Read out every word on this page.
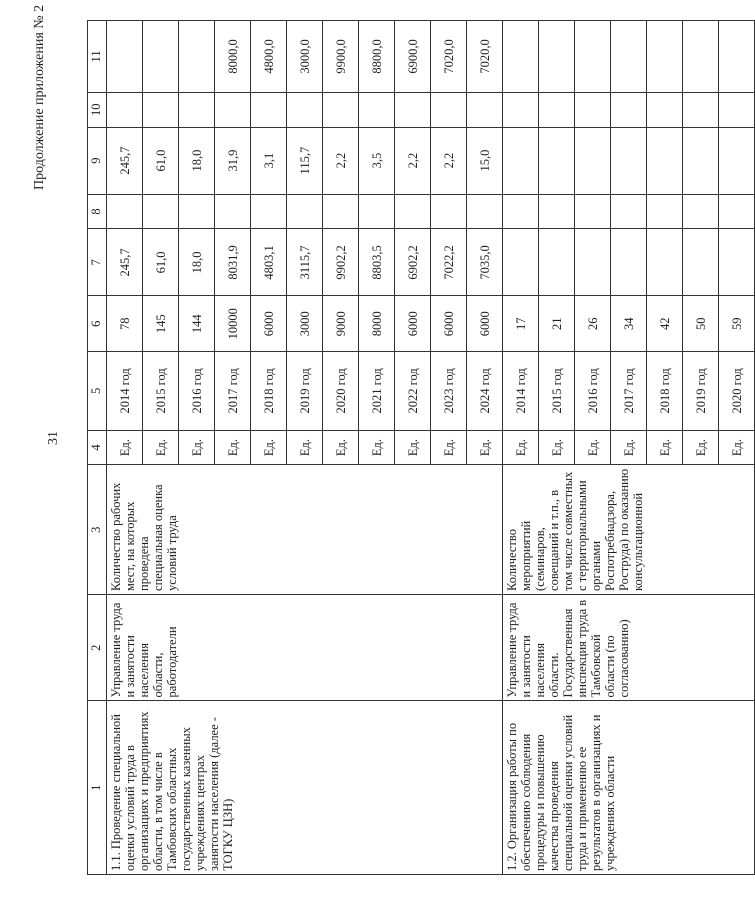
31
Продолжение приложения № 2
1	2	3	4	5	6	7	8	9	10	11
1.1. Проведение специальной оценки условий труда в организациях и предприятиях области, в том числе в Тамбовских областных государственных казенных учреждениях центрах занятости населения (далее - ТОГКУ ЦЗН)	Управление труда и занятости населения области, работодатели	Количество рабочих мест, на которых проведена специальная оценка условий труда	Ед.	2014 год	78	245,7		245,7		
			Ед.	2015 год	145	61,0		61,0		
			Ед.	2016 год	144	18,0		18,0		
			Ед.	2017 год	10000	8031,9		31,9		8000,0
			Ед.	2018 год	6000	4803,1		3,1		4800,0
			Ед.	2019 год	3000	3115,7		115,7		3000,0
			Ед.	2020 год	9000	9902,2		2,2		9900,0
			Ед.	2021 год	8000	8803,5		3,5		8800,0
			Ед.	2022 год	6000	6902,2		2,2		6900,0
			Ед.	2023 год	6000	7022,2		2,2		7020,0
			Ед.	2024 год	6000	7035,0		15,0		7020,0
1.2. Организация работы по обеспечению соблюдения процедуры и повышению качества проведения специальной оценки условий труда и применению ее результатов в организациях и учреждениях области	Управление труда и занятости населения области. Государственная инспекция труда в Тамбовской области (по согласованию)	Количество мероприятий (семинаров, совещаний и т.п., в том числе совместных с территориальными органами Роспотребнадзора, Роструда) по оказанию консультационной	Ед.	2014 год	17					
			Ед.	2015 год	21					
			Ед.	2016 год	26					
			Ед.	2017 год	34					
			Ед.	2018 год	42					
			Ед.	2019 год	50					
			Ед.	2020 год	59					
